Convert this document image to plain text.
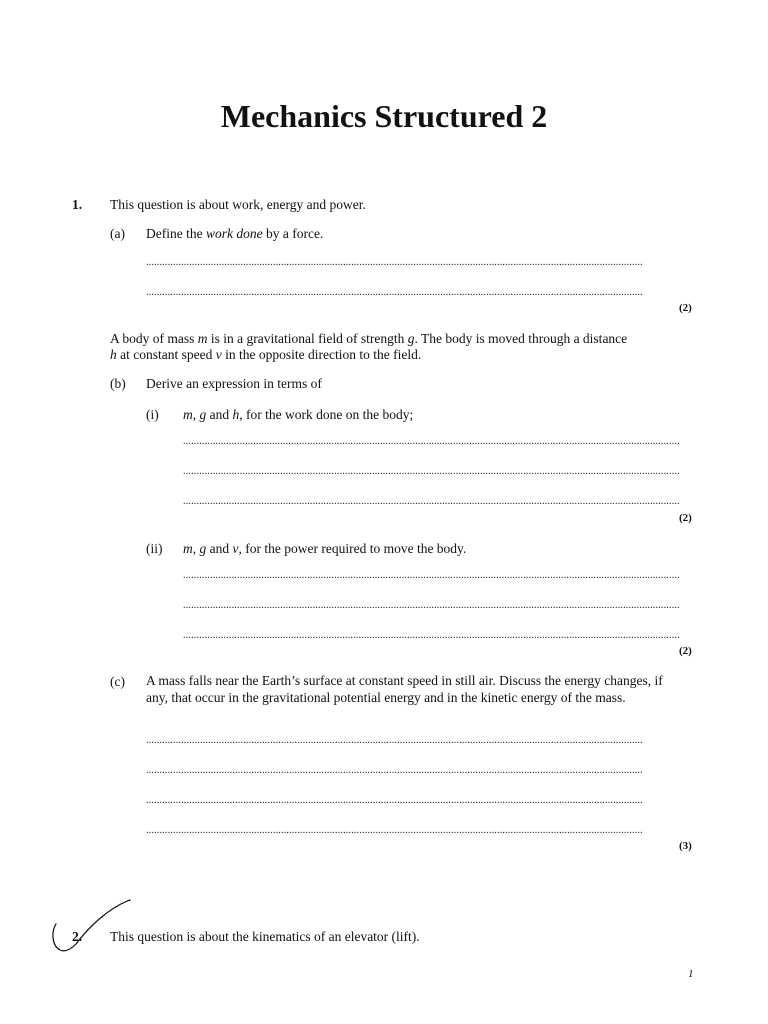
Mechanics Structured 2
1. This question is about work, energy and power.
(a) Define the work done by a force.
........................................................................................................................................................................................
........................................................................................................................................................................................
(2)
A body of mass m is in a gravitational field of strength g. The body is moved through a distance
h at constant speed v in the opposite direction to the field.
(b) Derive an expression in terms of
(i) m, g and h, for the work done on the body;
........................................................................................................................................................................................
........................................................................................................................................................................................
........................................................................................................................................................................................
(2)
(ii) m, g and v, for the power required to move the body.
........................................................................................................................................................................................
........................................................................................................................................................................................
........................................................................................................................................................................................
(2)
(c) A mass falls near the Earth’s surface at constant speed in still air. Discuss the energy changes, if any, that occur in the gravitational potential energy and in the kinetic energy of the mass.
........................................................................................................................................................................................
........................................................................................................................................................................................
........................................................................................................................................................................................
........................................................................................................................................................................................
(3)
2. This question is about the kinematics of an elevator (lift).
1
